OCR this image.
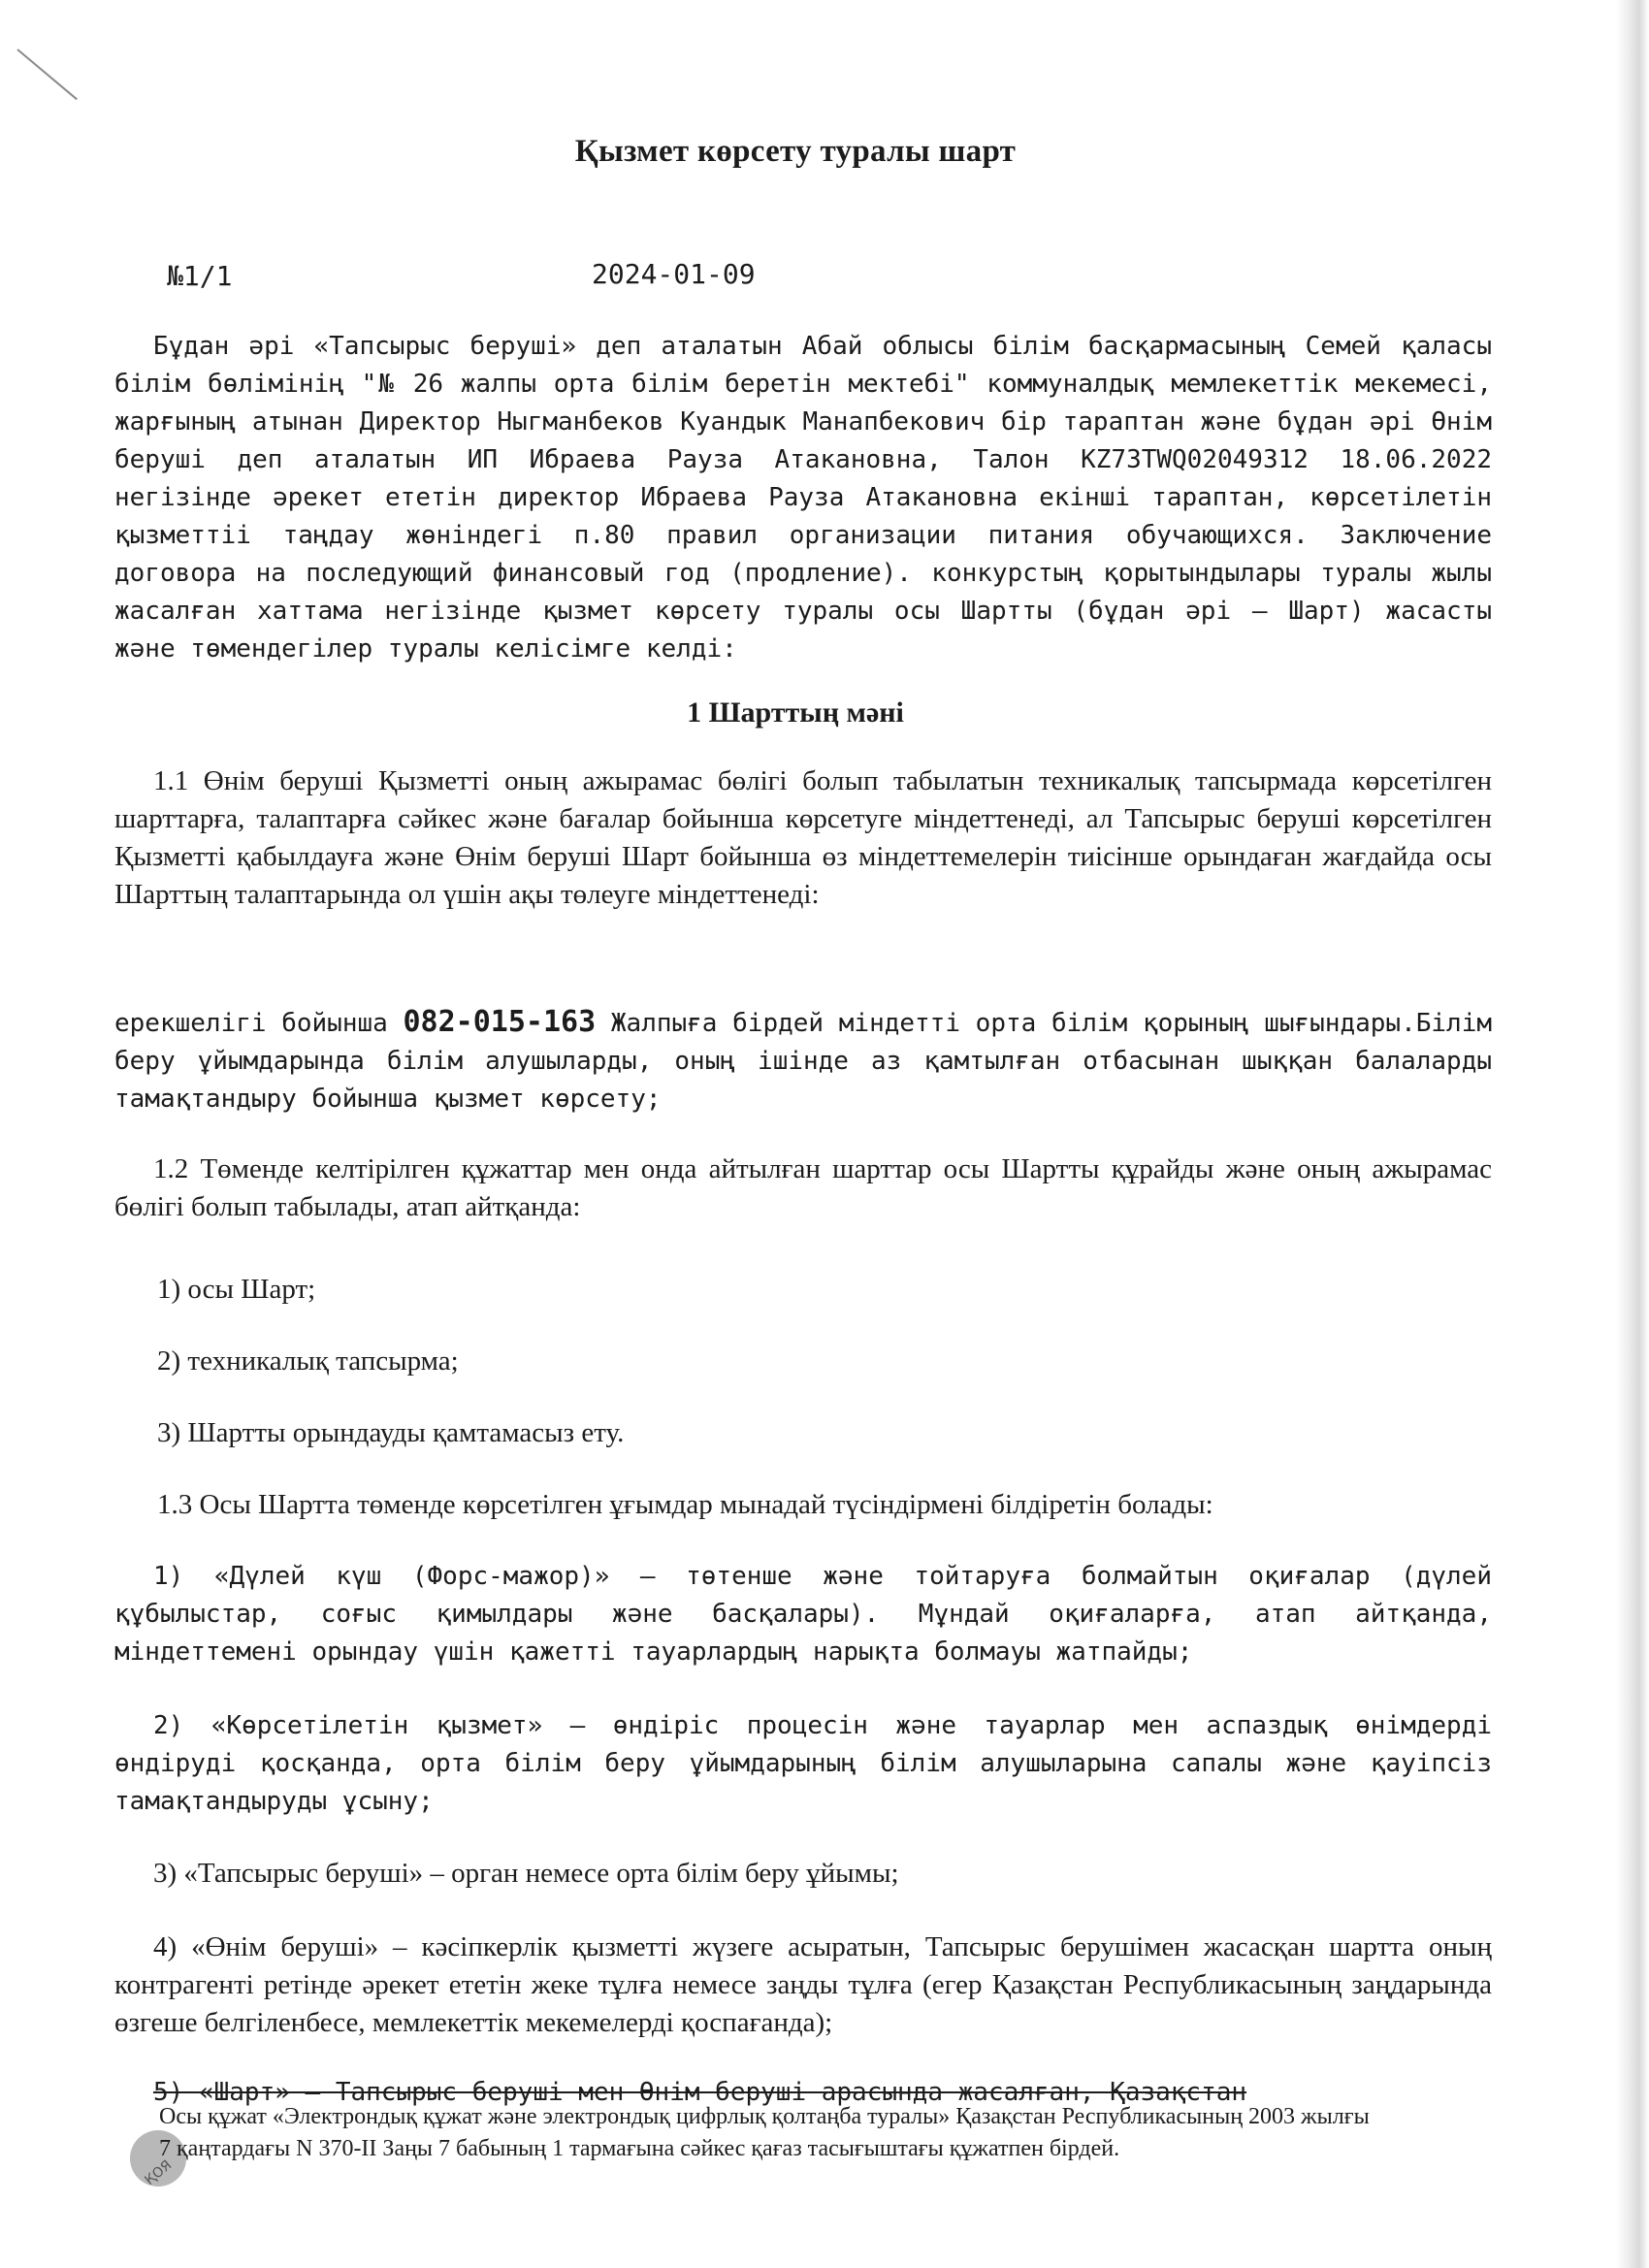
Қызмет көрсету туралы шарт
№1/1	2024-01-09
Бұдан әрі «Тапсырыс беруші» деп аталатын Абай облысы білім басқармасының Семей қаласы білім бөлімінің "№ 26 жалпы орта білім беретін мектебі" коммуналдық мемлекеттік мекемесі, жарғының атынан Директор Ныгманбеков Куандык Манапбекович бір тараптан және бұдан әрі Өнім беруші деп аталатын ИП Ибраева Рауза Атакановна, Талон KZ73TWQ02049312 18.06.2022 негізінде әрекет ететін директор Ибраева Рауза Атакановна екінші тараптан, көрсетілетін қызметтіі таңдау жөніндегі п.80 правил организации питания обучающихся. Заключение договора на последующий финансовый год (продление). конкурстың қорытындылары туралы жылы жасалған хаттама негізінде қызмет көрсету туралы осы Шартты (бұдан әрі – Шарт) жасасты және төмендегілер туралы келісімге келді:
1 Шарттың мәні
1.1 Өнім беруші Қызметті оның ажырамас бөлігі болып табылатын техникалық тапсырмада көрсетілген шарттарға, талаптарға сәйкес және бағалар бойынша көрсетуге міндеттенеді, ал Тапсырыс беруші көрсетілген Қызметті қабылдауға және Өнім беруші Шарт бойынша өз міндеттемелерін тиісінше орындаған жағдайда осы Шарттың талаптарында ол үшін ақы төлеуге міндеттенеді:
ерекшелігі бойынша 082-015-163 Жалпыға бірдей міндетті орта білім қорының шығындары.Білім беру ұйымдарында білім алушыларды, оның ішінде аз қамтылған отбасынан шыққан балаларды тамақтандыру бойынша қызмет көрсету;
1.2 Төменде келтірілген құжаттар мен онда айтылған шарттар осы Шартты құрайды және оның ажырамас бөлігі болып табылады, атап айтқанда:
1) осы Шарт;
2) техникалық тапсырма;
3) Шартты орындауды қамтамасыз ету.
1.3 Осы Шартта төменде көрсетілген ұғымдар мынадай түсіндірмені білдіретін болады:
1) «Дүлей күш (Форс-мажор)» – төтенше және тойтаруға болмайтын оқиғалар (дүлей құбылыстар, соғыс қимылдары және басқалары). Мұндай оқиғаларға, атап айтқанда, міндеттемені орындау үшін қажетті тауарлардың нарықта болмауы жатпайды;
2) «Көрсетілетін қызмет» – өндіріс процесін және тауарлар мен аспаздық өнімдерді өндіруді қосқанда, орта білім беру ұйымдарының білім алушыларына сапалы және қауіпсіз тамақтандыруды ұсыну;
3) «Тапсырыс беруші» – орган немесе орта білім беру ұйымы;
4) «Өнім беруші» – кәсіпкерлік қызметті жүзеге асыратын, Тапсырыс берушімен жасасқан шартта оның контрагенті ретінде әрекет ететін жеке тұлға немесе заңды тұлға (егер Қазақстан Республикасының заңдарында өзгеше белгіленбесе, мемлекеттік мекемелерді қоспағанда);
5) «Шарт» – Тапсырыс беруші мен Өнім беруші арасында жасалған, Қазақстан
ҚОЯ
Осы құжат «Электрондық құжат және электрондық цифрлық қолтаңба туралы» Қазақстан Республикасының 2003 жылғы 7 қаңтардағы N 370-II Заңы 7 бабының 1 тармағына сәйкес қағаз тасығыштағы құжатпен бірдей.
